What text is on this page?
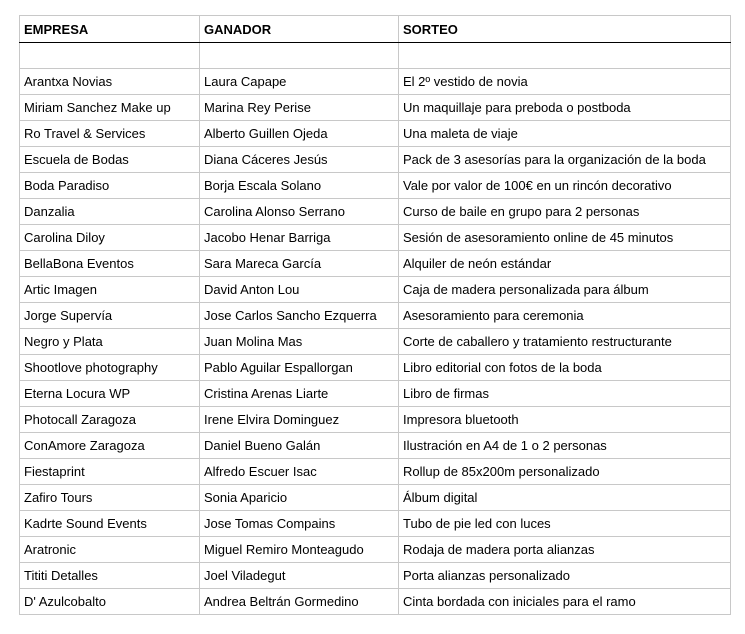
EMPRESA	GANADOR	SORTEO

Arantxa Novias	Laura Capape	El 2º vestido de novia
Miriam Sanchez Make up	Marina Rey Perise	Un maquillaje para preboda o postboda
Ro Travel & Services	Alberto Guillen Ojeda	Una maleta de viaje
Escuela de Bodas	Diana Cáceres Jesús	Pack de 3 asesorías para la organización de la boda
Boda Paradiso	Borja Escala Solano	Vale por valor de 100€ en un rincón decorativo
Danzalia	Carolina Alonso Serrano	Curso de baile en grupo para 2 personas
Carolina Diloy	Jacobo Henar Barriga	Sesión de asesoramiento online de 45 minutos
BellaBona Eventos	Sara Mareca García	Alquiler de neón estándar
Artic Imagen	David Anton Lou	Caja de madera personalizada para álbum
Jorge Supervía	Jose Carlos Sancho Ezquerra	Asesoramiento para ceremonia
Negro y Plata	Juan Molina Mas	Corte de caballero y tratamiento restructurante
Shootlove photography	Pablo Aguilar Espallorgan	Libro editorial con fotos de la boda
Eterna Locura WP	Cristina Arenas Liarte	Libro de firmas
Photocall Zaragoza	Irene Elvira Dominguez	Impresora bluetooth
ConAmore Zaragoza	Daniel Bueno Galán	Ilustración en A4 de 1 o 2 personas
Fiestaprint	Alfredo Escuer Isac	Rollup de 85x200m personalizado
Zafiro Tours	Sonia Aparicio	Álbum digital
Kadrte Sound Events	Jose Tomas Compains	Tubo de pie led con luces
Aratronic	Miguel Remiro Monteagudo	Rodaja de madera porta alianzas
Tititi Detalles	Joel Viladegut	Porta alianzas personalizado
D' Azulcobalto	Andrea Beltrán Gormedino	Cinta bordada con iniciales para el ramo
